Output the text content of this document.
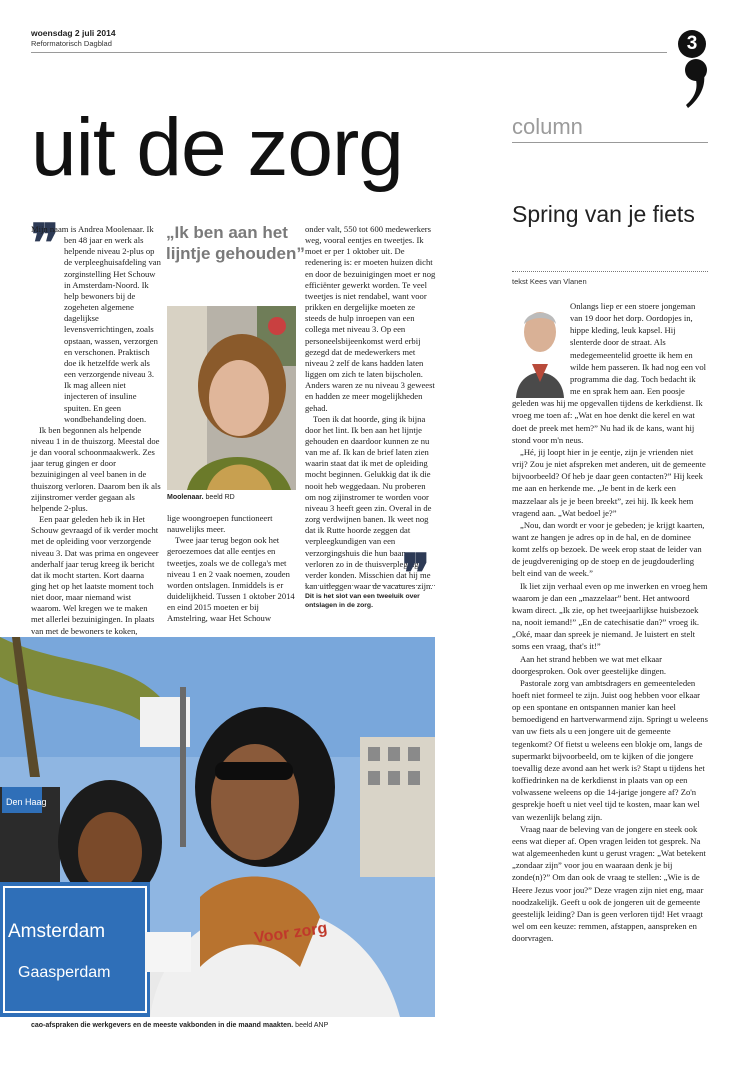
woensdag 2 juli 2014
Reformatorisch Dagblad	3
uit de zorg	column
Spring van je fiets
tekst Kees van Vlanen
❞

Mijn naam is Andrea Moolenaar. Ik ben 48 jaar en werk als helpende niveau 2-plus op de verpleeghuisafdeling van zorginstelling Het Schouw in Amsterdam-Noord. Ik help bewoners bij de zogeheten algemene dagelijkse levensverrichtingen, zoals opstaan, wassen, verzorgen en verschonen. Praktisch doe ik hetzelfde werk als een verzorgende niveau 3. Ik mag alleen niet injecteren of insuline spuiten. En geen wondbehandeling doen.

Ik ben begonnen als helpende niveau 1 in de thuiszorg. Meestal doe je dan vooral schoonmaakwerk. Zes jaar terug gingen er door bezuinigingen al veel banen in de thuiszorg verloren. Daarom ben ik als zijinstromer verder gegaan als helpende 2-plus.

Een paar geleden heb ik in Het Schouw gevraagd of ik verder mocht met de opleiding voor verzorgende niveau 3. Dat was prima en ongeveer anderhalf jaar terug kreeg ik bericht dat ik mocht starten. Kort daarna ging het op het laatste moment toch niet door, maar niemand wist waarom. Wel kregen we te maken met allerlei bezuinigingen. In plaats van met de bewoners te koken,

„Ik ben aan het lijntje gehouden”
Moolenaar. beeld RD

lige woongroepen functioneert nauwelijks meer.

Twee jaar terug begon ook het geroezemoes dat alle eentjes en tweetjes, zoals we de collega's met niveau 1 en 2 vaak noemen, zouden worden ontslagen. Inmiddels is er duidelijkheid. Tussen 1 oktober 2014 en eind 2015 moeten er bij Amstelring, waar Het Schouw

onder valt, 550 tot 600 medewerkers weg, vooral eentjes en tweetjes. Ik moet er per 1 oktober uit. De redenering is: er moeten huizen dicht en door de bezuinigingen moet er nog efficiënter gewerkt worden. Te veel tweetjes is niet rendabel, want voor prikken en dergelijke moeten ze steeds de hulp inroepen van een collega met niveau 3. Op een personeelsbijeenkomst werd erbij gezegd dat de medewerkers met niveau 2 zelf de kans hadden laten liggen om zich te laten bijscholen. Anders waren ze nu niveau 3 geweest en hadden ze meer mogelijkheden gehad.

Toen ik dat hoorde, ging ik bijna door het lint. Ik ben aan het lijntje gehouden en daardoor kunnen ze nu van me af. Ik kan de brief laten zien waarin staat dat ik met de opleiding mocht beginnen. Gelukkig dat ik die nooit heb weggedaan. Nu proberen om nog zijinstromer te worden voor niveau 3 heeft geen zin. Overal in de zorg verdwijnen banen. Ik weet nog dat ik Rutte hoorde zeggen dat verpleegkundigen van een verzorgingshuis die hun baan verloren zo in de thuisverpleging verder konden. Misschien dat hij me kan uitleggen waar de vacatures zijn.

❞
Dit is het slot van een tweeluik over ontslagen in de zorg.
Den Haag
Amsterdam
Gaasperdam
Voor zorg
cao-afspraken die werkgevers en de meeste vakbonden in die maand maakten. beeld ANP

Onlangs liep er een stoere jongeman van 19 door het dorp. Oordopjes in, hippe kleding, leuk kapsel. Hij slenterde door de straat. Als medegemeentelid groette ik hem en wilde hem passeren. Ik had nog een vol programma die dag. Toch bedacht ik me en sprak hem aan. Een poosje geleden was hij me opgevallen tijdens de kerkdienst. Ik vroeg me toen af: „Wat en hoe denkt die kerel en wat doet de preek met hem?” Nu had ik de kans, want hij stond voor m'n neus.

„Hé, jij loopt hier in je eentje, zijn je vrienden niet vrij? Zou je niet afspreken met anderen, uit de gemeente bijvoorbeeld? Of heb je daar geen contacten?” Hij keek me aan en herkende me. „Je bent in de kerk een mazzelaar als je je been breekt”, zei hij. Ik keek hem vragend aan. „Wat bedoel je?”

„Nou, dan wordt er voor je gebeden; je krijgt kaarten, want ze hangen je adres op in de hal, en de dominee komt zelfs op bezoek. De week erop staat de leider van de jeugdvereniging op de stoep en de jeugdouderling belt eind van de week.”

Ik liet zijn verhaal even op me inwerken en vroeg hem waarom je dan een „mazzelaar” bent. Het antwoord kwam direct. „Ik zie, op het tweejaarlijkse huisbezoek na, nooit iemand!” „En de catechisatie dan?” vroeg ik. „Oké, maar dan spreek je niemand. Je luistert en stelt soms een vraag, that's it!”

Aan het strand hebben we wat met elkaar doorgesproken. Ook over geestelijke dingen.

Pastorale zorg van ambtsdragers en gemeenteleden hoeft niet formeel te zijn. Juist oog hebben voor elkaar op een spontane en ontspannen manier kan heel bemoedigend en hartverwarmend zijn. Springt u weleens van uw fiets als u een jongere uit de gemeente tegenkomt? Of fietst u weleens een blokje om, langs de supermarkt bijvoorbeeld, om te kijken of die jongere toevallig deze avond aan het werk is? Stapt u tijdens het koffiedrinken na de kerkdienst in plaats van op een volwassene weleens op die 14-jarige jongere af? Zo'n gesprekje hoeft u niet veel tijd te kosten, maar kan wel van wezenlijk belang zijn.

Vraag naar de beleving van de jongere en steek ook eens wat dieper af. Open vragen leiden tot gesprek. Na wat algemeenheden kunt u gerust vragen: „Wat betekent „zondaar zijn” voor jou en waaraan denk je bij zonde(n)?” Om dan ook de vraag te stellen: „Wie is de Heere Jezus voor jou?” Deze vragen zijn niet eng, maar noodzakelijk. Geeft u ook de jongeren uit de gemeente geestelijk leiding? Dan is geen verloren tijd! Het vraagt wel om een keuze: remmen, afstappen, aanspreken en doorvragen.
